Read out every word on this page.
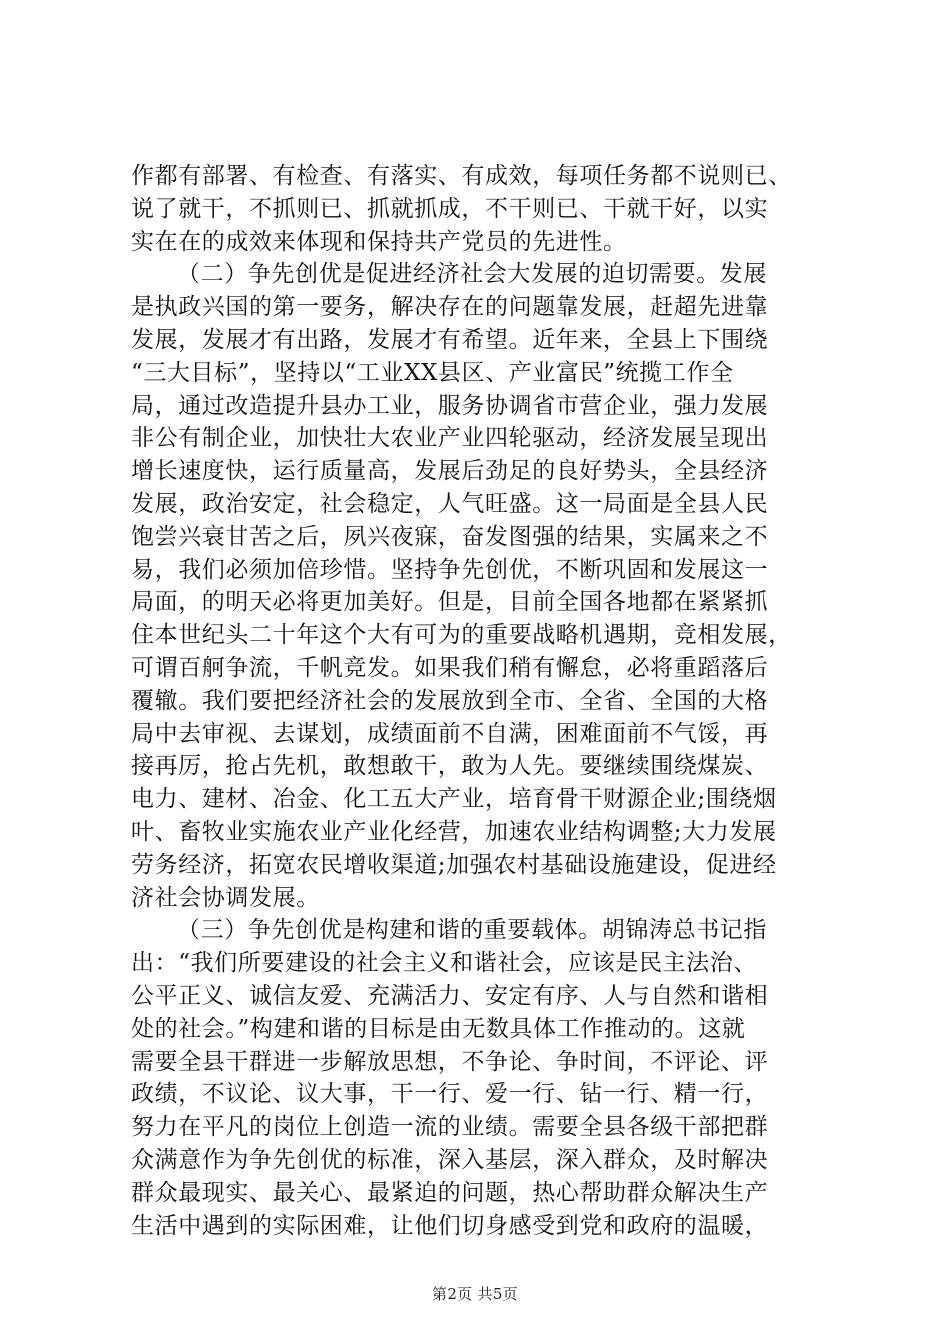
作都有部署、有检查、有落实、有成效，每项任务都不说则已、
说了就干，不抓则已、抓就抓成，不干则已、干就干好，以实
实在在的成效来体现和保持共产党员的先进性。
（二）争先创优是促进经济社会大发展的迫切需要。发展
是执政兴国的第一要务，解决存在的问题靠发展，赶超先进靠
发展，发展才有出路，发展才有希望。近年来，全县上下围绕
“三大目标”，坚持以“工业XX县区、产业富民”统揽工作全
局，通过改造提升县办工业，服务协调省市营企业，强力发展
非公有制企业，加快壮大农业产业四轮驱动，经济发展呈现出
增长速度快，运行质量高，发展后劲足的良好势头，全县经济
发展，政治安定，社会稳定，人气旺盛。这一局面是全县人民
饱尝兴衰甘苦之后，夙兴夜寐，奋发图强的结果，实属来之不
易，我们必须加倍珍惜。坚持争先创优，不断巩固和发展这一
局面，的明天必将更加美好。但是，目前全国各地都在紧紧抓
住本世纪头二十年这个大有可为的重要战略机遇期，竞相发展，
可谓百舸争流，千帆竞发。如果我们稍有懈怠，必将重蹈落后
覆辙。我们要把经济社会的发展放到全市、全省、全国的大格
局中去审视、去谋划，成绩面前不自满，困难面前不气馁，再
接再厉，抢占先机，敢想敢干，敢为人先。要继续围绕煤炭、
电力、建材、冶金、化工五大产业，培育骨干财源企业;围绕烟
叶、畜牧业实施农业产业化经营，加速农业结构调整;大力发展
劳务经济，拓宽农民增收渠道;加强农村基础设施建设，促进经
济社会协调发展。
（三）争先创优是构建和谐的重要载体。胡锦涛总书记指
出：“我们所要建设的社会主义和谐社会，应该是民主法治、
公平正义、诚信友爱、充满活力、安定有序、人与自然和谐相
处的社会。”构建和谐的目标是由无数具体工作推动的。这就
需要全县干群进一步解放思想，不争论、争时间，不评论、评
政绩，不议论、议大事，干一行、爱一行、钻一行、精一行，
努力在平凡的岗位上创造一流的业绩。需要全县各级干部把群
众满意作为争先创优的标准，深入基层，深入群众，及时解决
群众最现实、最关心、最紧迫的问题，热心帮助群众解决生产
生活中遇到的实际困难，让他们切身感受到党和政府的温暖，
第2页 共5页
